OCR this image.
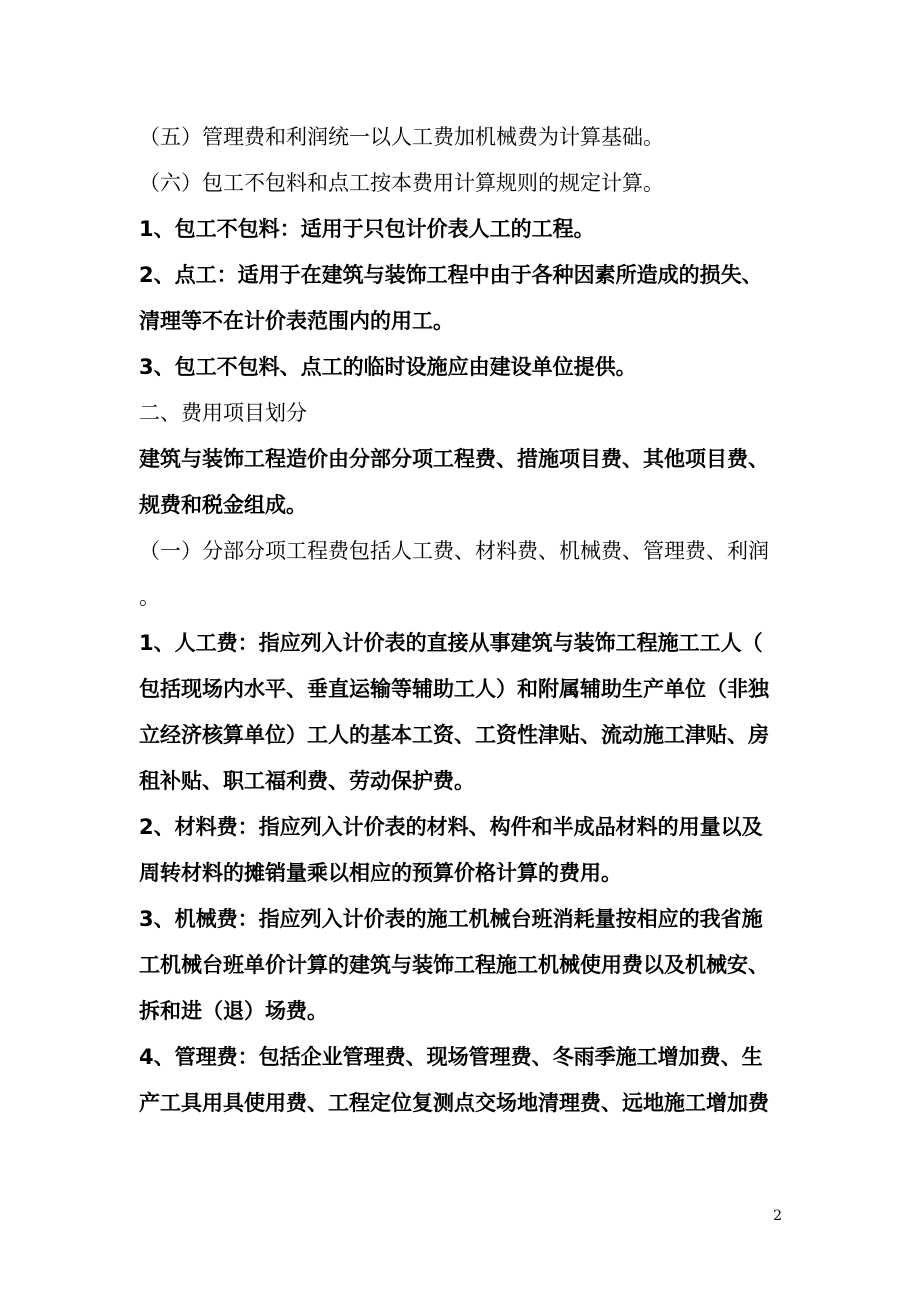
（五）管理费和利润统一以人工费加机械费为计算基础。
（六）包工不包料和点工按本费用计算规则的规定计算。
1、包工不包料：适用于只包计价表人工的工程。
2、点工：适用于在建筑与装饰工程中由于各种因素所造成的损失、
清理等不在计价表范围内的用工。
3、包工不包料、点工的临时设施应由建设单位提供。
二、费用项目划分
建筑与装饰工程造价由分部分项工程费、措施项目费、其他项目费、
规费和税金组成。
（一）分部分项工程费包括人工费、材料费、机械费、管理费、利润
。
1、人工费：指应列入计价表的直接从事建筑与装饰工程施工工人（
包括现场内水平、垂直运输等辅助工人）和附属辅助生产单位（非独
立经济核算单位）工人的基本工资、工资性津贴、流动施工津贴、房
租补贴、职工福利费、劳动保护费。
2、材料费：指应列入计价表的材料、构件和半成品材料的用量以及
周转材料的摊销量乘以相应的预算价格计算的费用。
3、机械费：指应列入计价表的施工机械台班消耗量按相应的我省施
工机械台班单价计算的建筑与装饰工程施工机械使用费以及机械安、
拆和进（退）场费。
4、管理费：包括企业管理费、现场管理费、冬雨季施工增加费、生
产工具用具使用费、工程定位复测点交场地清理费、远地施工增加费
2
